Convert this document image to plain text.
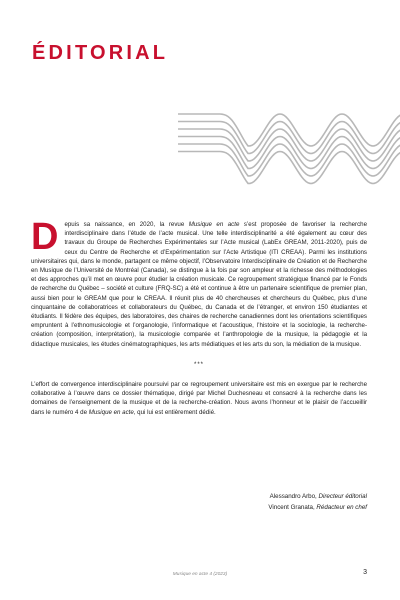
ÉDITORIAL

Depuis sa naissance, en 2020, la revue Musique en acte s’est proposée de favoriser la recherche interdisciplinaire dans l’étude de l’acte musical. Une telle interdisciplinarité a été également au cœur des travaux du Groupe de Recherches Expérimentales sur l’Acte musical (LabEx GREAM, 2011-2020), puis de ceux du Centre de Recherche et d’Expérimentation sur l’Acte Artistique (ITI CREAA). Parmi les institutions universitaires qui, dans le monde, partagent ce même objectif, l’Observatoire Interdisciplinaire de Création et de Recherche en Musique de l’Université de Montréal (Canada), se distingue à la fois par son ampleur et la richesse des méthodologies et des approches qu’il met en œuvre pour étudier la création musicale. Ce regroupement stratégique financé par le Fonds de recherche du Québec – société et culture (FRQ-SC) a été et continue à être un partenaire scientifique de premier plan, aussi bien pour le GREAM que pour le CREAA. Il réunit plus de 40 chercheuses et chercheurs du Québec, plus d’une cinquantaine de collaboratrices et collaborateurs du Québec, du Canada et de l’étranger, et environ 150 étudiantes et étudiants. Il fédère des équipes, des laboratoires, des chaires de recherche canadiennes dont les orientations scientifiques empruntent à l’ethnomusicologie et l’organologie, l’informatique et l’acoustique, l’histoire et la sociologie, la recherche-création (composition, interprétation), la musicologie comparée et l’anthropologie de la musique, la pédagogie et la didactique musicales, les études cinématographiques, les arts médiatiques et les arts du son, la médiation de la musique.

***

L’effort de convergence interdisciplinaire poursuivi par ce regroupement universitaire est mis en exergue par le recherche collaborative à l’œuvre dans ce dossier thématique, dirigé par Michel Duchesneau et consacré à la recherche dans les domaines de l’enseignement de la musique et de la recherche-création. Nous avons l’honneur et le plaisir de l’accueillir dans le numéro 4 de Musique en acte, qui lui est entièrement dédié.

Alessandro Arbo, Directeur éditorial
Vincent Granata, Rédacteur en chef
Musique en acte 4 (2023)	3
